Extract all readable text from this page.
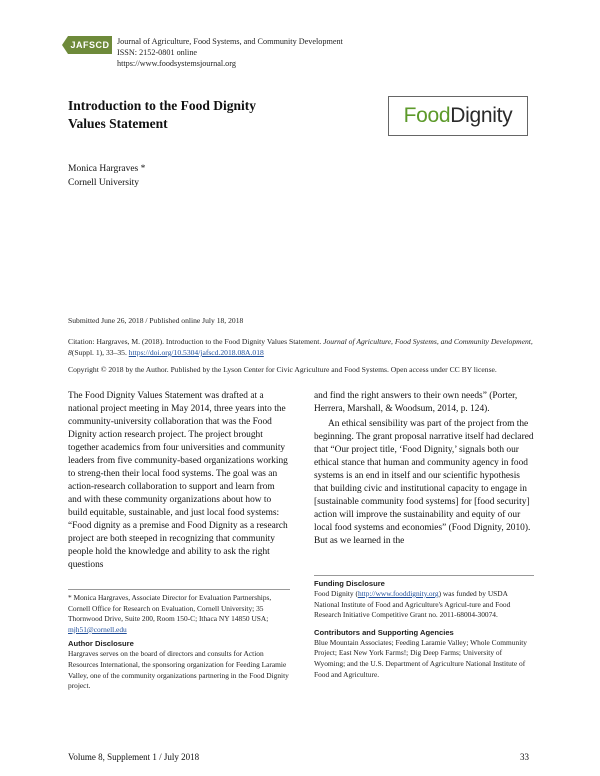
JAFSCD Journal of Agriculture, Food Systems, and Community Development
ISSN: 2152-0801 online
https://www.foodsystemsjournal.org
Introduction to the Food Dignity
Values Statement	Food Dignity
Monica Hargraves *
Cornell University
Submitted June 26, 2018 / Published online July 18, 2018
Citation: Hargraves, M. (2018). Introduction to the Food Dignity Values Statement. Journal of Agriculture, Food Systems, and Community Development, 8(Suppl. 1), 33–35. https://doi.org/10.5304/jafscd.2018.08A.018
Copyright © 2018 by the Author. Published by the Lyson Center for Civic Agriculture and Food Systems. Open access under CC BY license.

The Food Dignity Values Statement was drafted at a national project meeting in May 2014, three years into the community-university collaboration that was the Food Dignity action research project. The project brought together academics from four universities and community leaders from five community-based organizations working to streng-then their local food systems. The goal was an action-research collaboration to support and learn from and with these community organizations about how to build equitable, sustainable, and just local food systems: “Food dignity as a premise and Food Dignity as a research project are both steeped in recognizing that community people hold the knowledge and ability to ask the right questions

and find the right answers to their own needs” (Porter, Herrera, Marshall, & Woodsum, 2014, p. 124).

An ethical sensibility was part of the project from the beginning. The grant proposal narrative itself had declared that “Our project title, ‘Food Dignity,’ signals both our ethical stance that human and community agency in food systems is an end in itself and our scientific hypothesis that building civic and institutional capacity to engage in [sustainable community food systems] for [food security] action will improve the sustainability and equity of our local food systems and economies” (Food Dignity, 2010). But as we learned in the

* Monica Hargraves, Associate Director for Evaluation Partnerships, Cornell Office for Research on Evaluation, Cornell University; 35 Thornwood Drive, Suite 200, Room 150-C; Ithaca NY 14850 USA; mjh51@cornell.edu

Author Disclosure

Hargraves serves on the board of directors and consults for Action Resources International, the sponsoring organization for Feeding Laramie Valley, one of the community organizations partnering in the Food Dignity project.

Funding Disclosure

Food Dignity (http://www.fooddignity.org) was funded by USDA National Institute of Food and Agriculture's Agricul-ture and Food Research Initiative Competitive Grant no. 2011-68004-30074.

Contributors and Supporting Agencies

Blue Mountain Associates; Feeding Laramie Valley; Whole Community Project; East New York Farms!; Dig Deep Farms; University of Wyoming; and the U.S. Department of Agriculture National Institute of Food and Agriculture.

Volume 8, Supplement 1 / July 2018	33
